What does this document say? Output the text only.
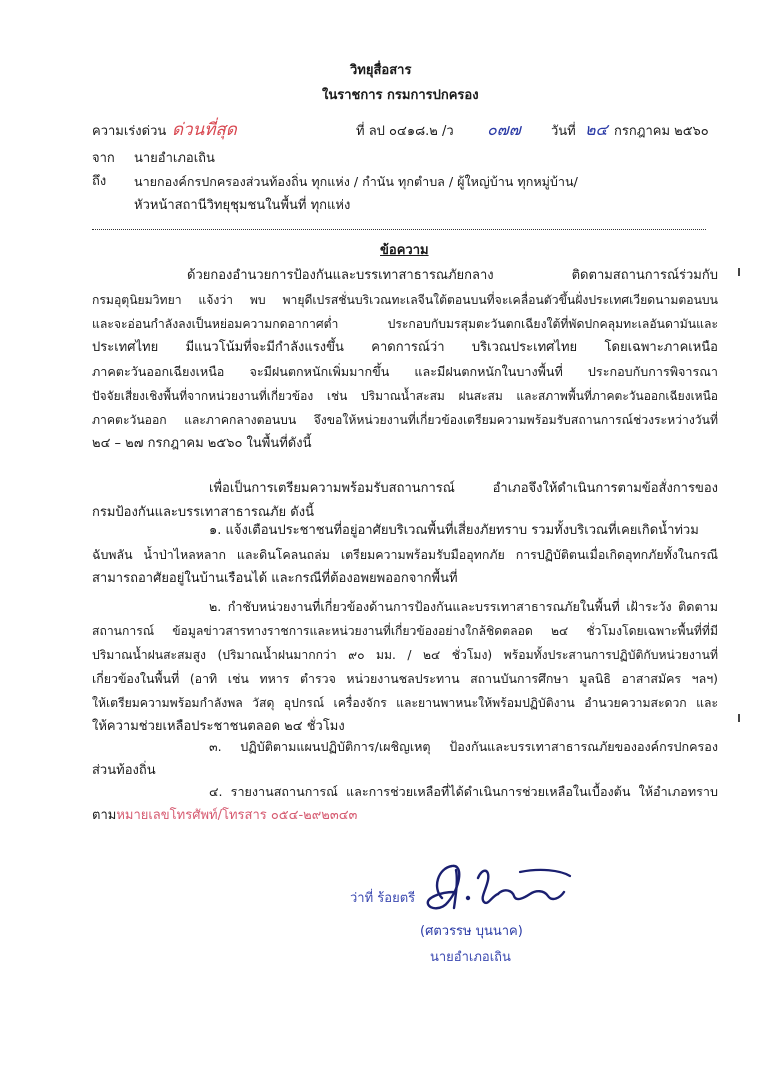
วิทยุสื่อสาร
ในราชการ กรมการปกครอง
ความเร่งด่วน ด่วนที่สุด	ที่ ลป ๐๔๑๘.๒ /ว ๐๗๗ วันที่ ๒๔ กรกฎาคม ๒๕๖๐
จาก นายอำเภอเถิน
ถึง นายกองค์กรปกครองส่วนท้องถิ่น ทุกแห่ง / กำนัน ทุกตำบล / ผู้ใหญ่บ้าน ทุกหมู่บ้าน/
หัวหน้าสถานีวิทยุชุมชนในพื้นที่ ทุกแห่ง
ข้อความ

ด้วยกองอำนวยการป้องกันและบรรเทาสาธารณภัยกลาง ติดตามสถานการณ์ร่วมกับ

กรมอุตุนิยมวิทยา แจ้งว่า พบ พายุดีเปรสชั่นบริเวณทะเลจีนใต้ตอนบนที่จะเคลื่อนตัวขึ้นฝั่งประเทศเวียดนามตอนบน

และจะอ่อนกำลังลงเป็นหย่อมความกดอากาศต่ำ ประกอบกับมรสุมตะวันตกเฉียงใต้ที่พัดปกคลุมทะเลอันดามันและ

ประเทศไทย มีแนวโน้มที่จะมีกำลังแรงขึ้น คาดการณ์ว่า บริเวณประเทศไทย โดยเฉพาะภาคเหนือ

ภาคตะวันออกเฉียงเหนือ จะมีฝนตกหนักเพิ่มมากขึ้น และมีฝนตกหนักในบางพื้นที่ ประกอบกับการพิจารณา

ปัจจัยเสี่ยงเชิงพื้นที่จากหน่วยงานที่เกี่ยวข้อง เช่น ปริมาณน้ำสะสม ฝนสะสม และสภาพพื้นที่ภาคตะวันออกเฉียงเหนือ

ภาคตะวันออก และภาคกลางตอนบน จึงขอให้หน่วยงานที่เกี่ยวข้องเตรียมความพร้อมรับสถานการณ์ช่วงระหว่างวันที่

๒๔ – ๒๗ กรกฎาคม ๒๕๖๐ ในพื้นที่ดังนี้

เพื่อเป็นการเตรียมความพร้อมรับสถานการณ์ อำเภอจึงให้ดำเนินการตามข้อสั่งการของ

กรมป้องกันและบรรเทาสาธารณภัย ดังนี้

๑. แจ้งเตือนประชาชนที่อยู่อาศัยบริเวณพื้นที่เสี่ยงภัยทราบ รวมทั้งบริเวณที่เคยเกิดน้ำท่วม

ฉับพลัน น้ำป่าไหลหลาก และดินโคลนถล่ม เตรียมความพร้อมรับมืออุทกภัย การปฏิบัติตนเมื่อเกิดอุทกภัยทั้งในกรณี

สามารถอาศัยอยู่ในบ้านเรือนได้ และกรณีที่ต้องอพยพออกจากพื้นที่

๒. กำชับหน่วยงานที่เกี่ยวข้องด้านการป้องกันและบรรเทาสาธารณภัยในพื้นที่ เฝ้าระวัง ติดตาม

สถานการณ์ ข้อมูลข่าวสารทางราชการและหน่วยงานที่เกี่ยวข้องอย่างใกล้ชิดตลอด ๒๔ ชั่วโมงโดยเฉพาะพื้นที่ที่มี

ปริมาณน้ำฝนสะสมสูง (ปริมาณน้ำฝนมากกว่า ๙๐ มม. / ๒๔ ชั่วโมง) พร้อมทั้งประสานการปฏิบัติกับหน่วยงานที่

เกี่ยวข้องในพื้นที่ (อาทิ เช่น ทหาร ตำรวจ หน่วยงานชลประทาน สถานบันการศึกษา มูลนิธิ อาสาสมัคร ฯลฯ)

ให้เตรียมความพร้อมกำลังพล วัสดุ อุปกรณ์ เครื่องจักร และยานพาหนะให้พร้อมปฏิบัติงาน อำนวยความสะดวก และ

ให้ความช่วยเหลือประชาชนตลอด ๒๔ ชั่วโมง

๓. ปฏิบัติตามแผนปฏิบัติการ/เผชิญเหตุ ป้องกันและบรรเทาสาธารณภัยขององค์กรปกครอง

ส่วนท้องถิ่น

๔. รายงานสถานการณ์ และการช่วยเหลือที่ได้ดำเนินการช่วยเหลือในเบื้องต้น ให้อำเภอทราบ

ตามหมายเลขโทรศัพท์/โทรสาร ๐๕๔-๒๙๒๓๔๓

ว่าที่ ร้อยตรี
(ศตวรรษ บุนนาค)
นายอำเภอเถิน
